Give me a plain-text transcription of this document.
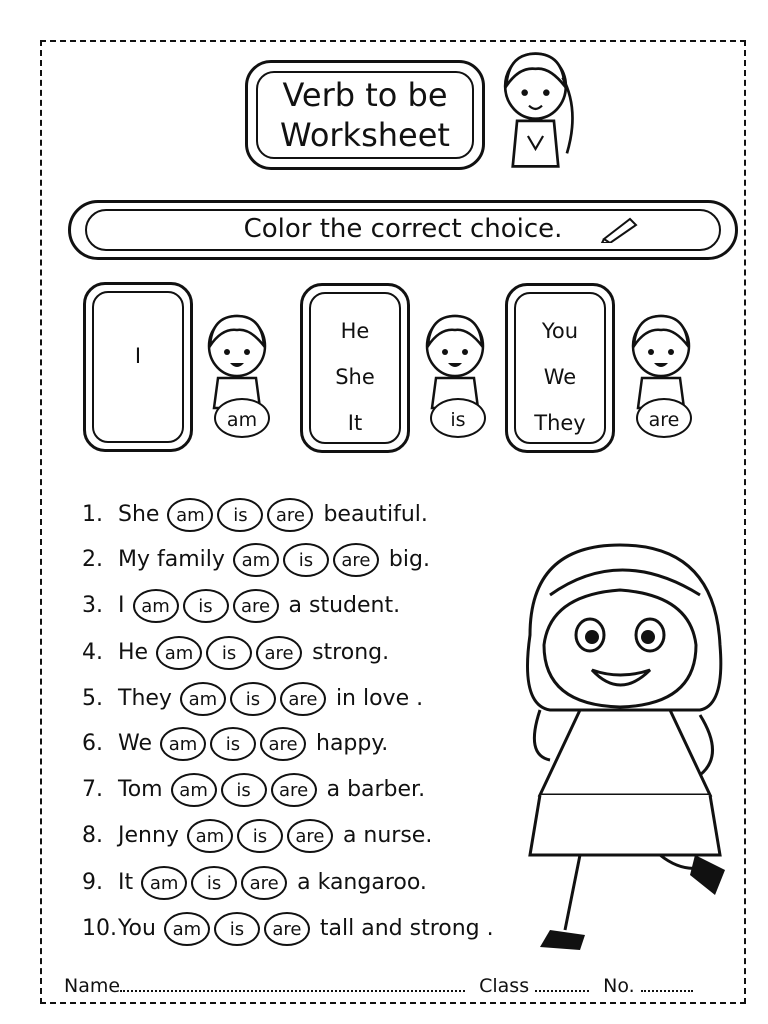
Verb to be
Worksheet
Color the correct choice.
I
am
He
She
It	is
You
We
They	are
1. She am is are beautiful.
2. My family am is are big.
3. I am is are a student.
4. He am is are strong.
5. They am is are in love .
6. We am is are happy.
7. Tom am is are a barber.
8. Jenny am is are a nurse.
9. It am is are a kangaroo.
10.You am is are tall and strong .
Name	Class	No.
